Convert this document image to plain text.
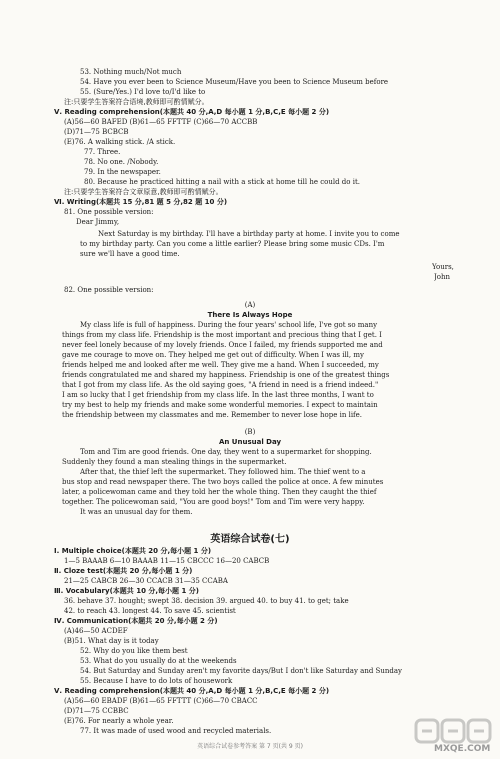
53. Nothing much/Not much
54. Have you ever been to Science Museum/Have you been to Science Museum before
55. (Sure/Yes.) I'd love to/I'd like to
注:只要学生答案符合语境,教师即可酌情赋分。
Ⅴ. Reading comprehension(本题共 40 分,A,D 每小题 1 分,B,C,E 每小题 2 分)
(A)56—60 BAFED (B)61—65 FFTTF (C)66—70 ACCBB
(D)71—75 BCBCB
(E)76. A walking stick. /A stick.
77. Three.
78. No one. /Nobody.
79. In the newspaper.
80. Because he practiced hitting a nail with a stick at home till he could do it.
注:只要学生答案符合文章原意,教师即可酌情赋分。
Ⅵ. Writing(本题共 15 分,81 题 5 分,82 题 10 分)
81. One possible version:
Dear Jimmy,
Next Saturday is my birthday. I'll have a birthday party at home. I invite you to come
to my birthday party. Can you come a little earlier? Please bring some music CDs. I'm
sure we'll have a good time.
Yours,
John
82. One possible version:
(A)
There Is Always Hope
My class life is full of happiness. During the four years' school life, I've got so many
things from my class life. Friendship is the most important and precious thing that I get. I
never feel lonely because of my lovely friends. Once I failed, my friends supported me and
gave me courage to move on. They helped me get out of difficulty. When I was ill, my
friends helped me and looked after me well. They give me a hand. When I succeeded, my
friends congratulated me and shared my happiness. Friendship is one of the greatest things
that I got from my class life. As the old saying goes, "A friend in need is a friend indeed."
I am so lucky that I get friendship from my class life. In the last three months, I want to
try my best to help my friends and make some wonderful memories. I expect to maintain
the friendship between my classmates and me. Remember to never lose hope in life.
(B)
An Unusual Day
Tom and Tim are good friends. One day, they went to a supermarket for shopping.
Suddenly they found a man stealing things in the supermarket.
After that, the thief left the supermarket. They followed him. The thief went to a
bus stop and read newspaper there. The two boys called the police at once. A few minutes
later, a policewoman came and they told her the whole thing. Then they caught the thief
together. The policewoman said, "You are good boys!" Tom and Tim were very happy.
It was an unusual day for them.
英语综合试卷(七)
Ⅰ. Multiple choice(本题共 20 分,每小题 1 分)
1—5 BAAAB 6—10 BAAAB 11—15 CBCCC 16—20 CABCB
Ⅱ. Cloze test(本题共 20 分,每小题 1 分)
21—25 CABCB 26—30 CCACB 31—35 CCABA
Ⅲ. Vocabulary(本题共 10 分,每小题 1 分)
36. behave 37. hought; swept 38. decision 39. argued 40. to buy 41. to get; take
42. to reach 43. longest 44. To save 45. scientist
Ⅳ. Communication(本题共 20 分,每小题 2 分)
(A)46—50 ACDEF
(B)51. What day is it today
52. Why do you like them best
53. What do you usually do at the weekends
54. But Saturday and Sunday aren't my favorite days/But I don't like Saturday and Sunday
55. Because I have to do lots of housework
Ⅴ. Reading comprehension(本题共 40 分,A,D 每小题 1 分,B,C,E 每小题 2 分)
(A)56—60 EBADF (B)61—65 FFTTT (C)66—70 CBACC
(D)71—75 CCBBC
(E)76. For nearly a whole year.
77. It was made of used wood and recycled materials.
英语综合试卷参考答案 第 7 页(共 9 页)	MXQE.COM
